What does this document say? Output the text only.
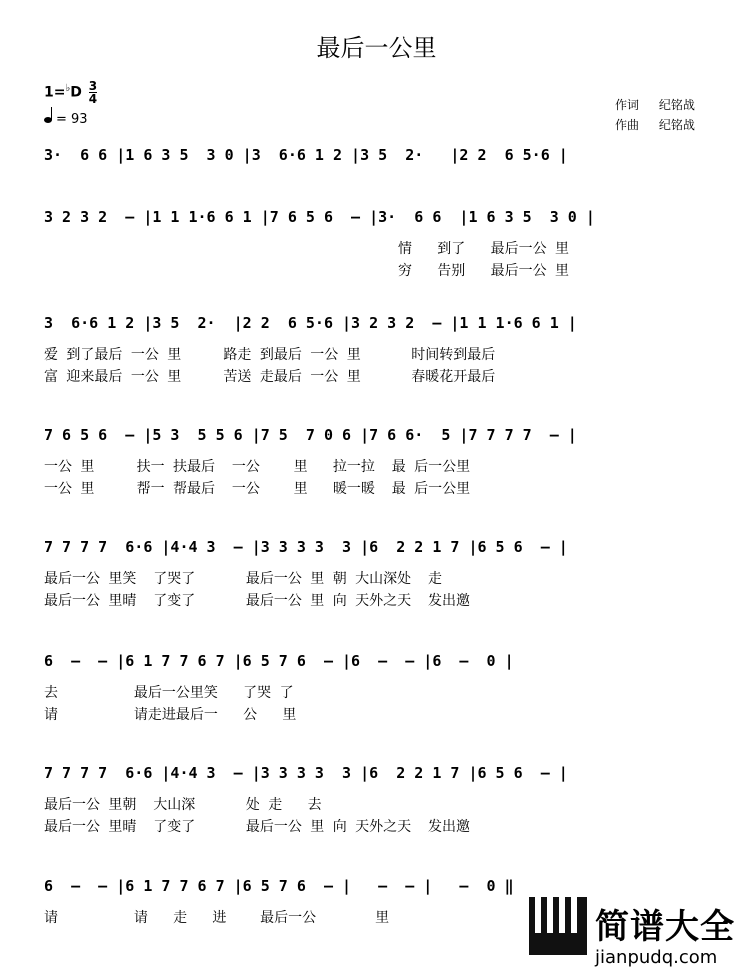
最后一公里
$1=^♭D \frac{3}{4}$
= 93
作词 纪铭战
作曲 纪铭战
3·  6 6 |1 6 3 5  3 0 |3  6·6 1 2 |3 5  2·   |2 2  6 5·6 |
3 2 3 2  – |1 1 1·6 6 1 |7 6 5 6  – |3·  6 6  |1 6 3 5  3 0 |
情   到了   最后一公 里
穷   告别   最后一公 里
3  6·6 1 2 |3 5  2·  |2 2  6 5·6 |3 2 3 2  – |1 1 1·6 6 1 |
爱 到了最后 一公 里     路走 到最后 一公 里      时间转到最后
富 迎来最后 一公 里     苦送 走最后 一公 里      春暖花开最后
7 6 5 6  – |5 3  5 5 6 |7 5  7 0 6 |7 6 6·  5 |7 7 7 7  – |
一公 里     扶一 扶最后  一公    里   拉一拉  最 后一公里
一公 里     帮一 帮最后  一公    里   暖一暖  最 后一公里
7 7 7 7  6·6 |4·4 3  – |3 3 3 3  3 |6  2 2 1 7 |6 5 6  – |
最后一公 里笑  了哭了      最后一公 里 朝 大山深处  走
最后一公 里晴  了变了      最后一公 里 向 天外之天  发出邀
6  –  – |6 1 7 7 6 7 |6 5 7 6  – |6  –  – |6  –  0 |
去         最后一公里笑   了哭 了
请         请走进最后一   公   里
7 7 7 7  6·6 |4·4 3  – |3 3 3 3  3 |6  2 2 1 7 |6 5 6  – |
最后一公 里朝  大山深      处 走   去
最后一公 里晴  了变了      最后一公 里 向 天外之天  发出邀
6  –  – |6 1 7 7 6 7 |6 5 7 6  – |   –  – |   –  0 ‖
请         请   走   进    最后一公       里	简谱大全
jianpudq.com
